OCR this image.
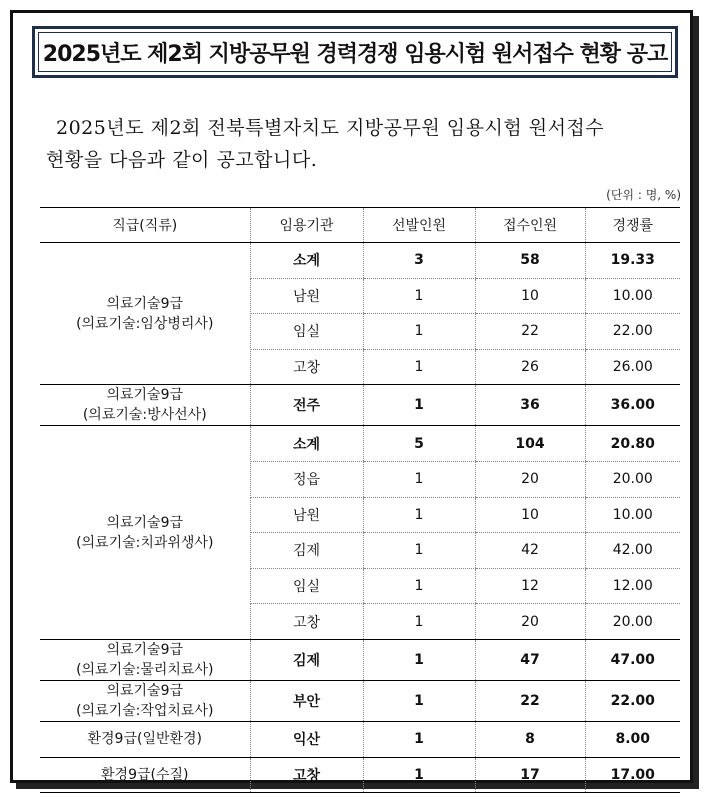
2025년도 제2회 지방공무원 경력경쟁 임용시험 원서접수 현황 공고
2025년도 제2회 전북특별자치도 지방공무원 임용시험 원서접수

현황을 다음과 같이 공고합니다.
(단위 : 명, %)
직급(직류)	임용기관	선발인원	접수인원	경쟁률
의료기술9급
(의료기술:임상병리사)	소계	3	58	19.33
	남원	1	10	10.00
	임실	1	22	22.00
	고창	1	26	26.00
의료기술9급
(의료기술:방사선사)	전주	1	36	36.00
의료기술9급
(의료기술:치과위생사)	소계	5	104	20.80
	정읍	1	20	20.00
	남원	1	10	10.00
	김제	1	42	42.00
	임실	1	12	12.00
	고창	1	20	20.00
의료기술9급
(의료기술:물리치료사)	김제	1	47	47.00
의료기술9급
(의료기술:작업치료사)	부안	1	22	22.00
환경9급(일반환경)	익산	1	8	8.00
환경9급(수질)	고창	1	17	17.00
